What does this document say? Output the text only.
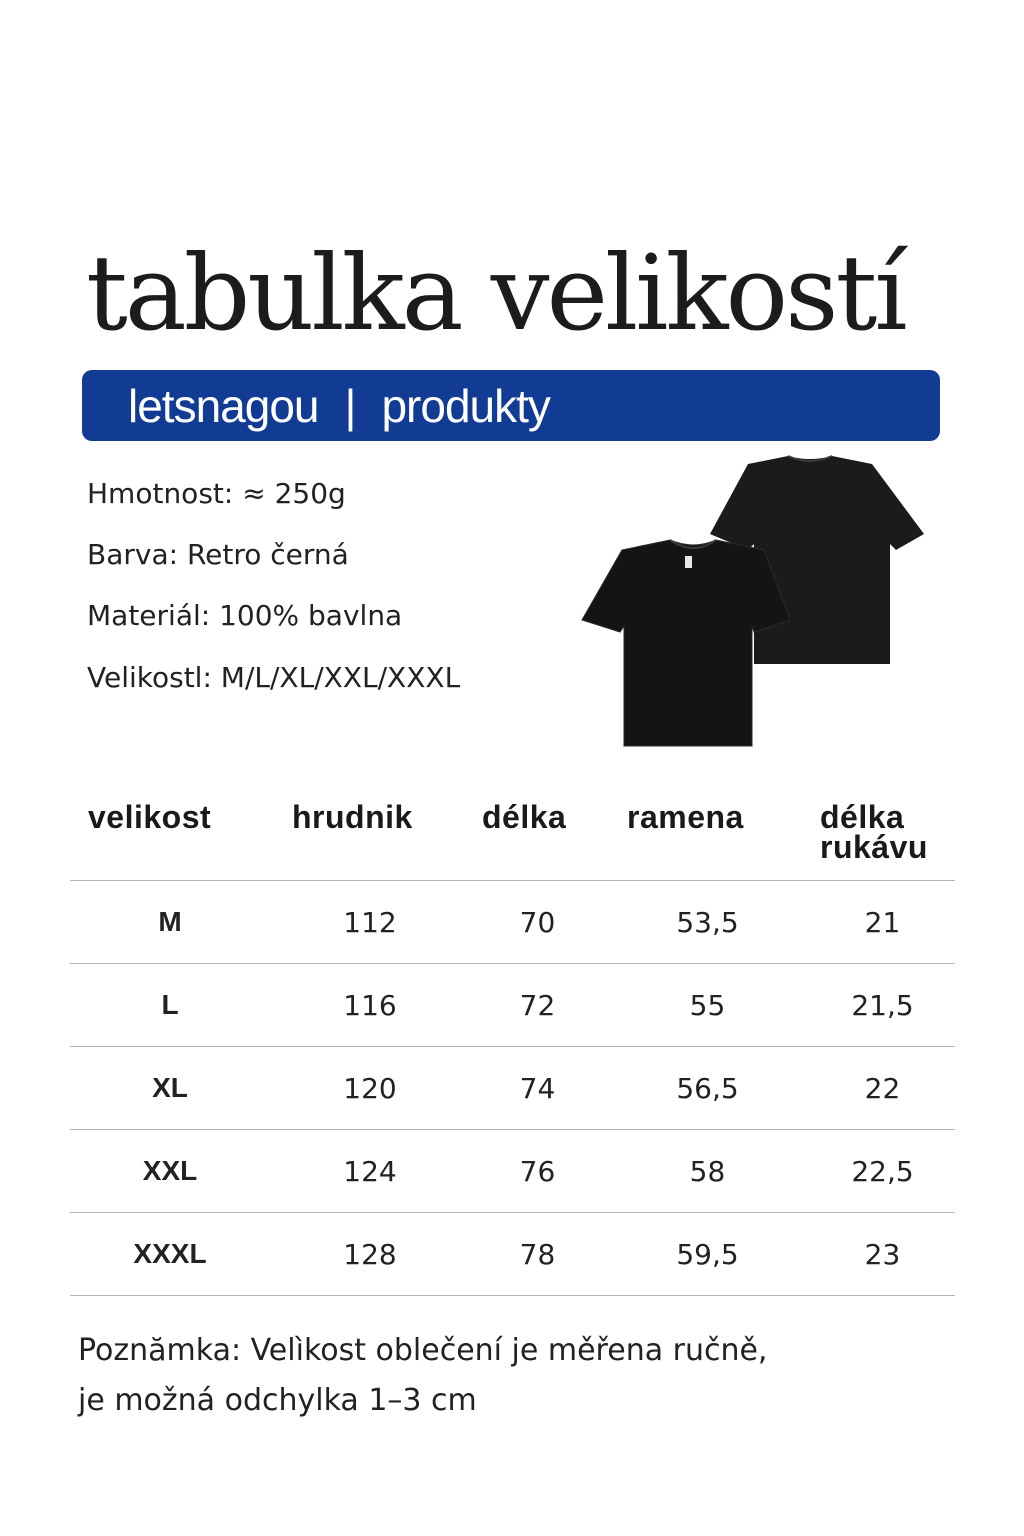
tabulka velikostí
letsnagou | produkty
Hmotnost: ≈ 250g
Barva: Retro černá
Materiál: 100% bavlna
Velikostl: M/L/XL/XXL/XXXL
velikost	hrudnik	délka	ramena	délka
rukávu

M	112	70	53,5	21
L	116	72	55	21,5
XL	120	74	56,5	22
XXL	124	76	58	22,5
XXXL	128	78	59,5	23
Poznămka: Velìkost oblečení je měřena ručně,
je možná odchylka 1–3 cm
